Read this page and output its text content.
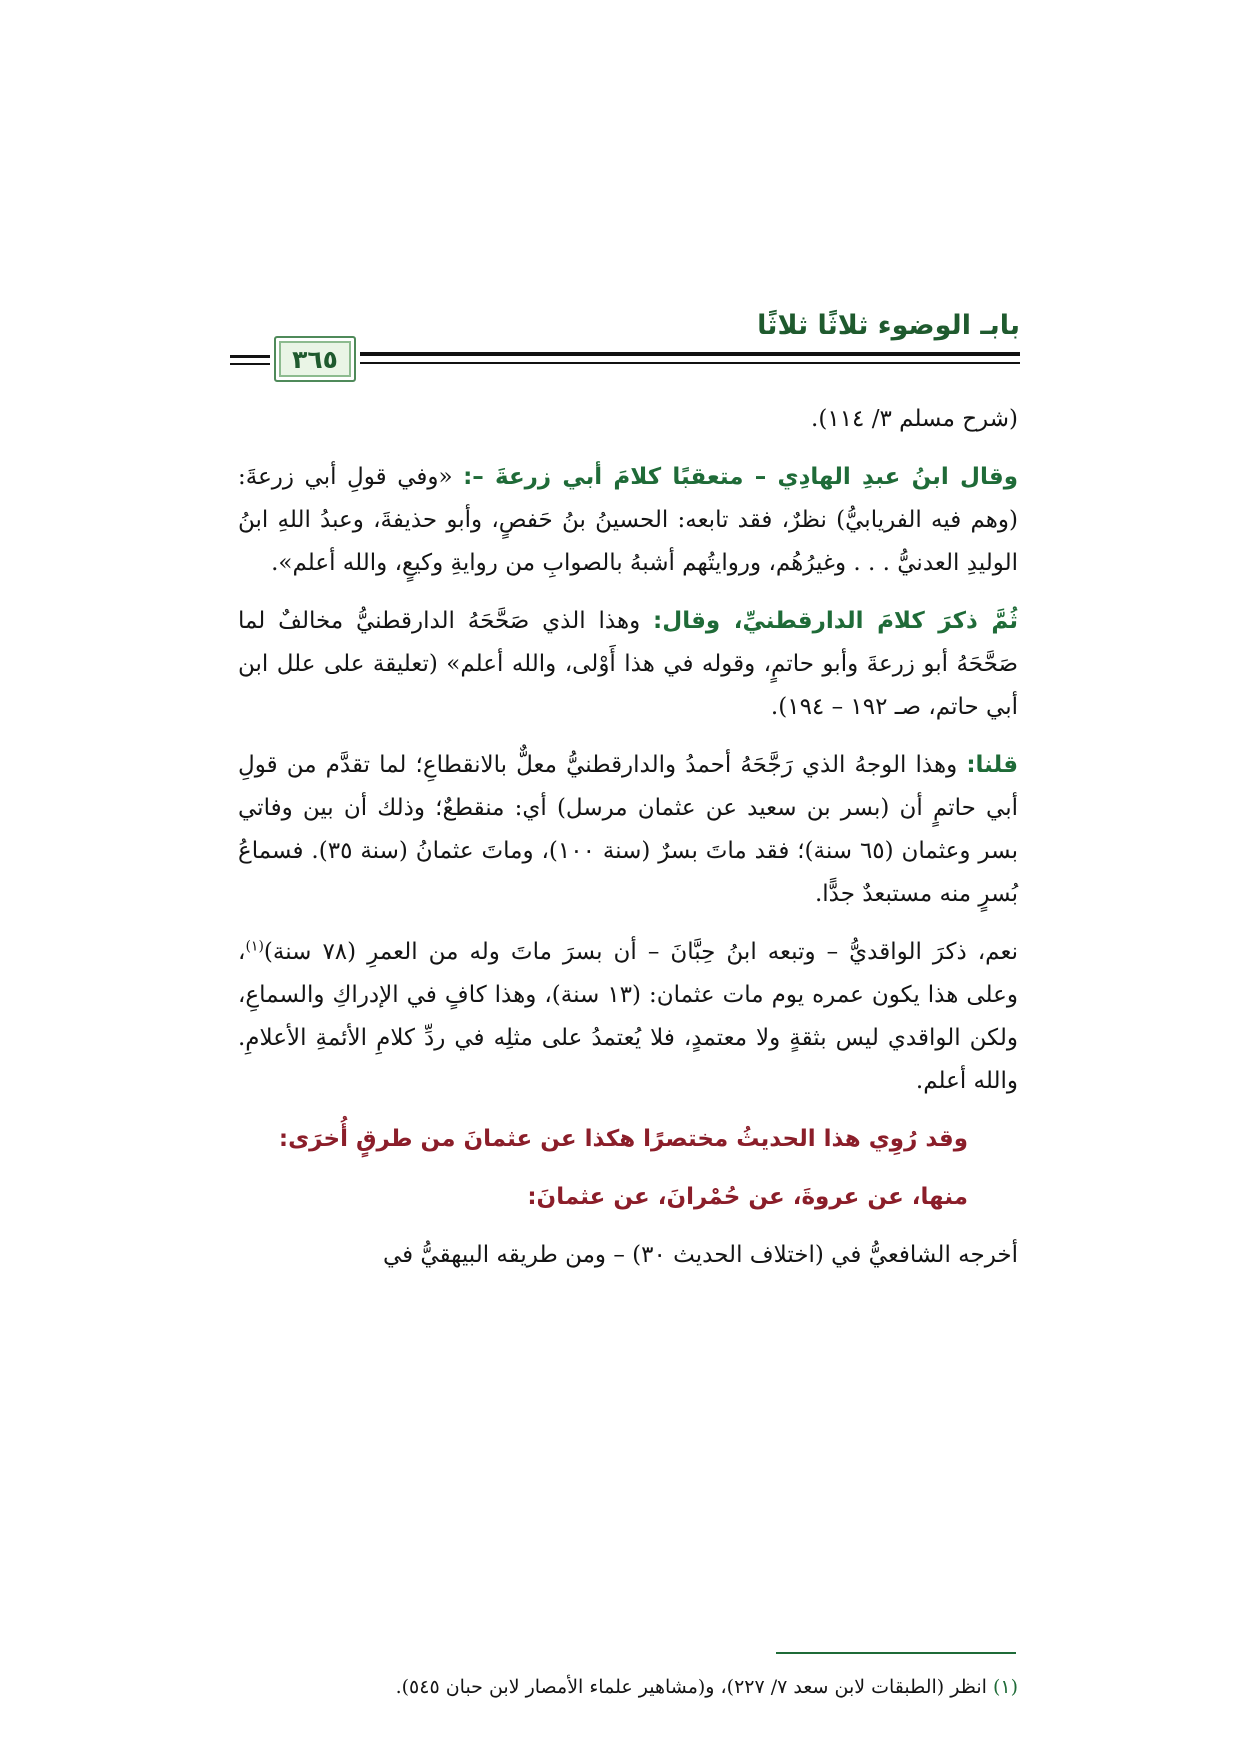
بابـ الوضوء ثلاثًا ثلاثًا
٣٦٥

(شرح مسلم ٣/ ١١٤).

وقال ابنُ عبدِ الهادِي – متعقبًا كلامَ أبي زرعةَ –: «وفي قولِ أبي زرعةَ: (وهم فيه الفريابيُّ) نظرٌ، فقد تابعه: الحسينُ بنُ حَفصٍ، وأبو حذيفةَ، وعبدُ اللهِ ابنُ الوليدِ العدنيُّ . . . وغيرُهُم، وروايتُهم أشبهُ بالصوابِ من روايةِ وكيعٍ، والله أعلم».

ثُمَّ ذكرَ كلامَ الدارقطنيِّ، وقال: وهذا الذي صَحَّحَهُ الدارقطنيُّ مخالفٌ لما صَحَّحَهُ أبو زرعةَ وأبو حاتمٍ، وقوله في هذا أَوْلى، والله أعلم» (تعليقة على علل ابن أبي حاتم، صـ ١٩٢ – ١٩٤).

قلنا: وهذا الوجهُ الذي رَجَّحَهُ أحمدُ والدارقطنيُّ معلٌّ بالانقطاعِ؛ لما تقدَّم من قولِ أبي حاتمٍ أن (بسر بن سعيد عن عثمان مرسل) أي: منقطعٌ؛ وذلك أن بين وفاتي بسر وعثمان (٦٥ سنة)؛ فقد ماتَ بسرٌ (سنة ١٠٠)، وماتَ عثمانُ (سنة ٣٥). فسماعُ بُسرٍ منه مستبعدٌ جدًّا.

نعم، ذكرَ الواقديُّ – وتبعه ابنُ حِبَّانَ – أن بسرَ ماتَ وله من العمرِ (٧٨ سنة)$^{(١)}$، وعلى هذا يكون عمره يوم مات عثمان: (١٣ سنة)، وهذا كافٍ في الإدراكِ والسماعِ، ولكن الواقدي ليس بثقةٍ ولا معتمدٍ، فلا يُعتمدُ على مثلِه في ردِّ كلامِ الأئمةِ الأعلامِ. والله أعلم.

وقد رُوِي هذا الحديثُ مختصرًا هكذا عن عثمانَ من طرقٍ أُخرَى:
منها، عن عروةَ، عن حُمْرانَ، عن عثمانَ:

أخرجه الشافعيُّ في (اختلاف الحديث ٣٠) – ومن طريقه البيهقيُّ في

(١) انظر (الطبقات لابن سعد ٧/ ٢٢٧)، و(مشاهير علماء الأمصار لابن حبان ٥٤٥).
